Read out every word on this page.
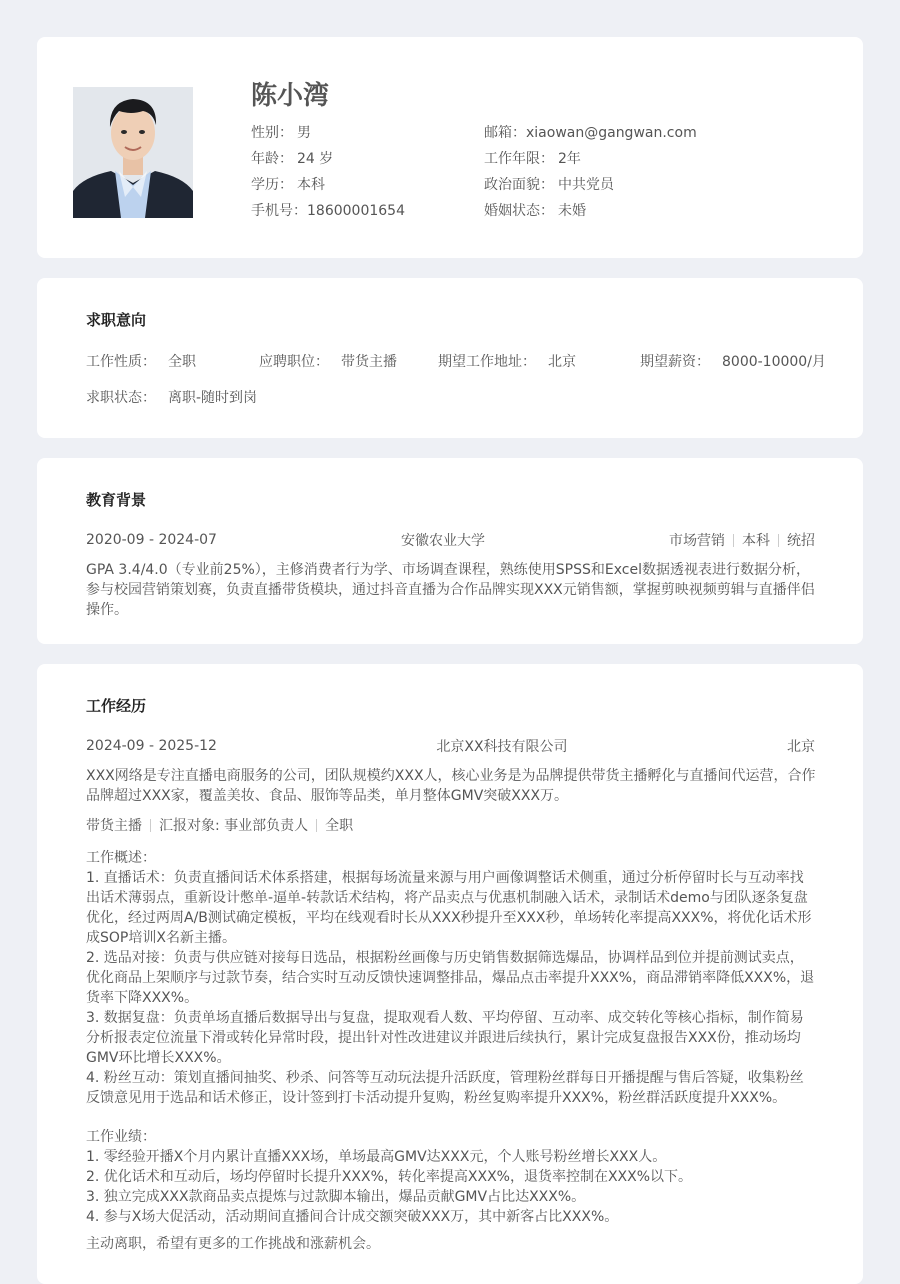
陈小湾
性别： 男
年龄： 24 岁
学历： 本科
手机号：18600001654
邮箱：xiaowan@gangwan.com
工作年限： 2年
政治面貌： 中共党员
婚姻状态： 未婚
求职意向
工作性质： 全职	应聘职位： 带货主播	期望工作地址： 北京	期望薪资： 8000-10000/月
求职状态： 离职-随时到岗
教育背景
2020-09 - 2024-07	安徽农业大学	市场营销 本科 统招

GPA 3.4/4.0（专业前25%），主修消费者行为学、市场调查课程，熟练使用SPSS和Excel数据透视表进行数据分析，参与校园营销策划赛，负责直播带货模块，通过抖音直播为合作品牌实现XXX元销售额，掌握剪映视频剪辑与直播伴侣操作。

工作经历
2024-09 - 2025-12	北京XX科技有限公司	北京

XXX网络是专注直播电商服务的公司，团队规模约XXX人，核心业务是为品牌提供带货主播孵化与直播间代运营，合作品牌超过XXX家，覆盖美妆、食品、服饰等品类，单月整体GMV突破XXX万。

带货主播 汇报对象: 事业部负责人 全职
工作概述：
1. 直播话术：负责直播间话术体系搭建，根据每场流量来源与用户画像调整话术侧重，通过分析停留时长与互动率找出话术薄弱点，重新设计憋单-逼单-转款话术结构，将产品卖点与优惠机制融入话术，录制话术demo与团队逐条复盘优化，经过两周A/B测试确定模板，平均在线观看时长从XXX秒提升至XXX秒，单场转化率提高XXX%，将优化话术形成SOP培训X名新主播。
2. 选品对接：负责与供应链对接每日选品，根据粉丝画像与历史销售数据筛选爆品，协调样品到位并提前测试卖点，优化商品上架顺序与过款节奏，结合实时互动反馈快速调整排品，爆品点击率提升XXX%，商品滞销率降低XXX%，退货率下降XXX%。
3. 数据复盘：负责单场直播后数据导出与复盘，提取观看人数、平均停留、互动率、成交转化等核心指标，制作简易分析报表定位流量下滑或转化异常时段，提出针对性改进建议并跟进后续执行，累计完成复盘报告XXX份，推动场均GMV环比增长XXX%。
4. 粉丝互动：策划直播间抽奖、秒杀、问答等互动玩法提升活跃度，管理粉丝群每日开播提醒与售后答疑，收集粉丝反馈意见用于选品和话术修正，设计签到打卡活动提升复购，粉丝复购率提升XXX%，粉丝群活跃度提升XXX%。
工作业绩：
1. 零经验开播X个月内累计直播XXX场，单场最高GMV达XXX元，个人账号粉丝增长XXX人。
2. 优化话术和互动后，场均停留时长提升XXX%，转化率提高XXX%，退货率控制在XXX%以下。
3. 独立完成XXX款商品卖点提炼与过款脚本输出，爆品贡献GMV占比达XXX%。
4. 参与X场大促活动，活动期间直播间合计成交额突破XXX万，其中新客占比XXX%。

主动离职，希望有更多的工作挑战和涨薪机会。
